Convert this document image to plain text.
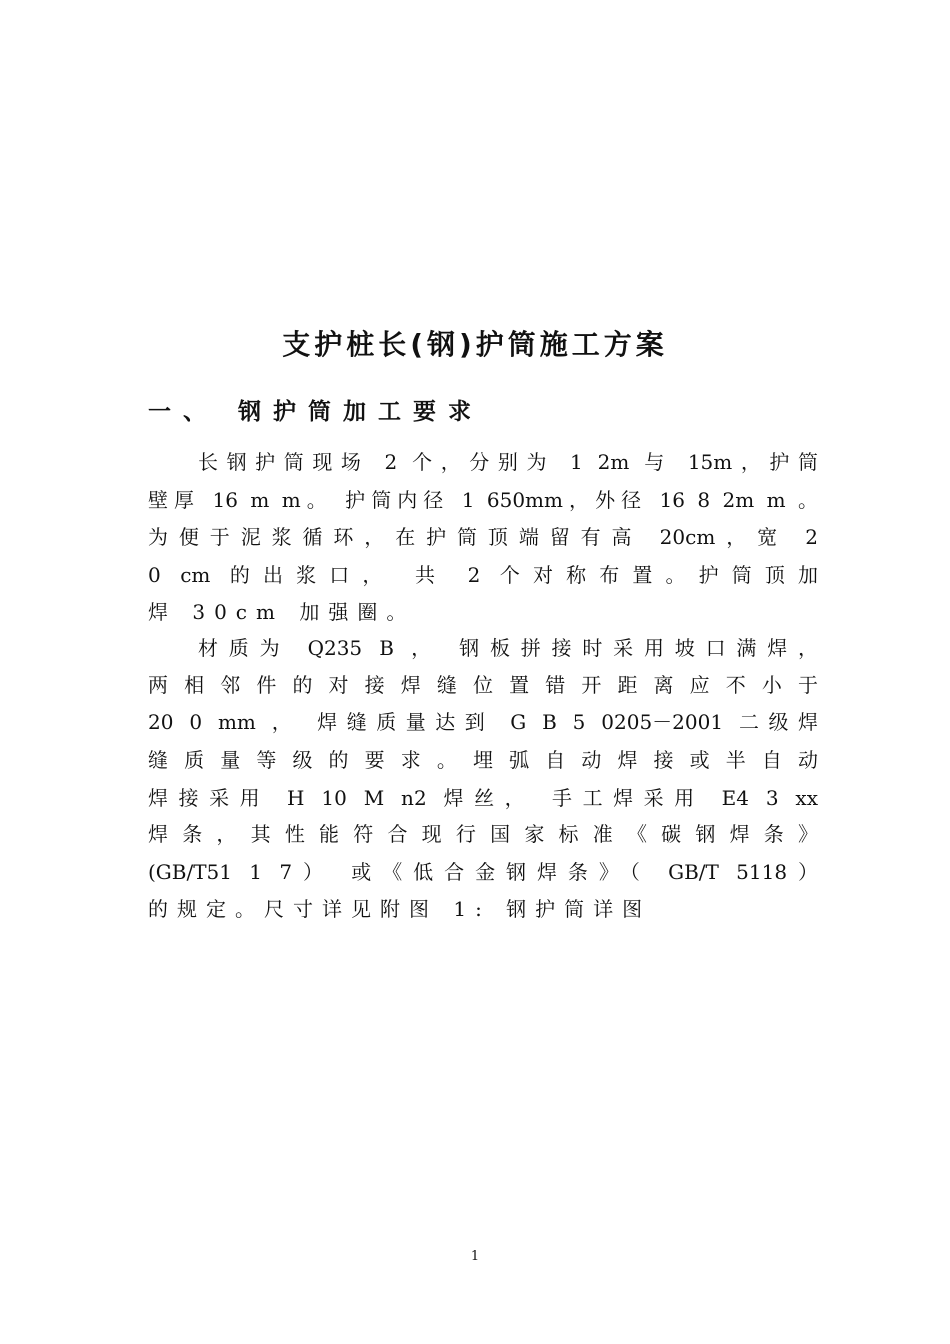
支护桩长(钢)护筒施工方案
一、 钢护筒加工要求
长钢护筒现场 2 个，分别为 1 2m 与 15m，护筒
壁厚 16 m m。 护筒内径 1 650mm，外径 16 8 2m m 。
为便于泥浆循环，在护筒顶端留有高 20cm，宽 2
0 cm 的出浆口， 共 2 个对称布置。护筒顶加
焊 30cm 加强圈。
材质为 Q235 B ， 钢板拼接时采用坡口满焊，
两相邻件的对接焊缝位置错开距离应不小于
20 0 mm ， 焊缝质量达到 G B 5 0205－2001 二级焊
缝质量等级的要求。埋弧自动焊接或半自动
焊接采用 H 10 M n2 焊丝， 手工焊采用 E4 3 xx
焊条，其性能符合现行国家标准《碳钢焊条》
(GB/T51 1 7） 或《低合金钢焊条》（ GB/T 5118）
的规定。尺寸详见附图 1: 钢护筒详图
1
